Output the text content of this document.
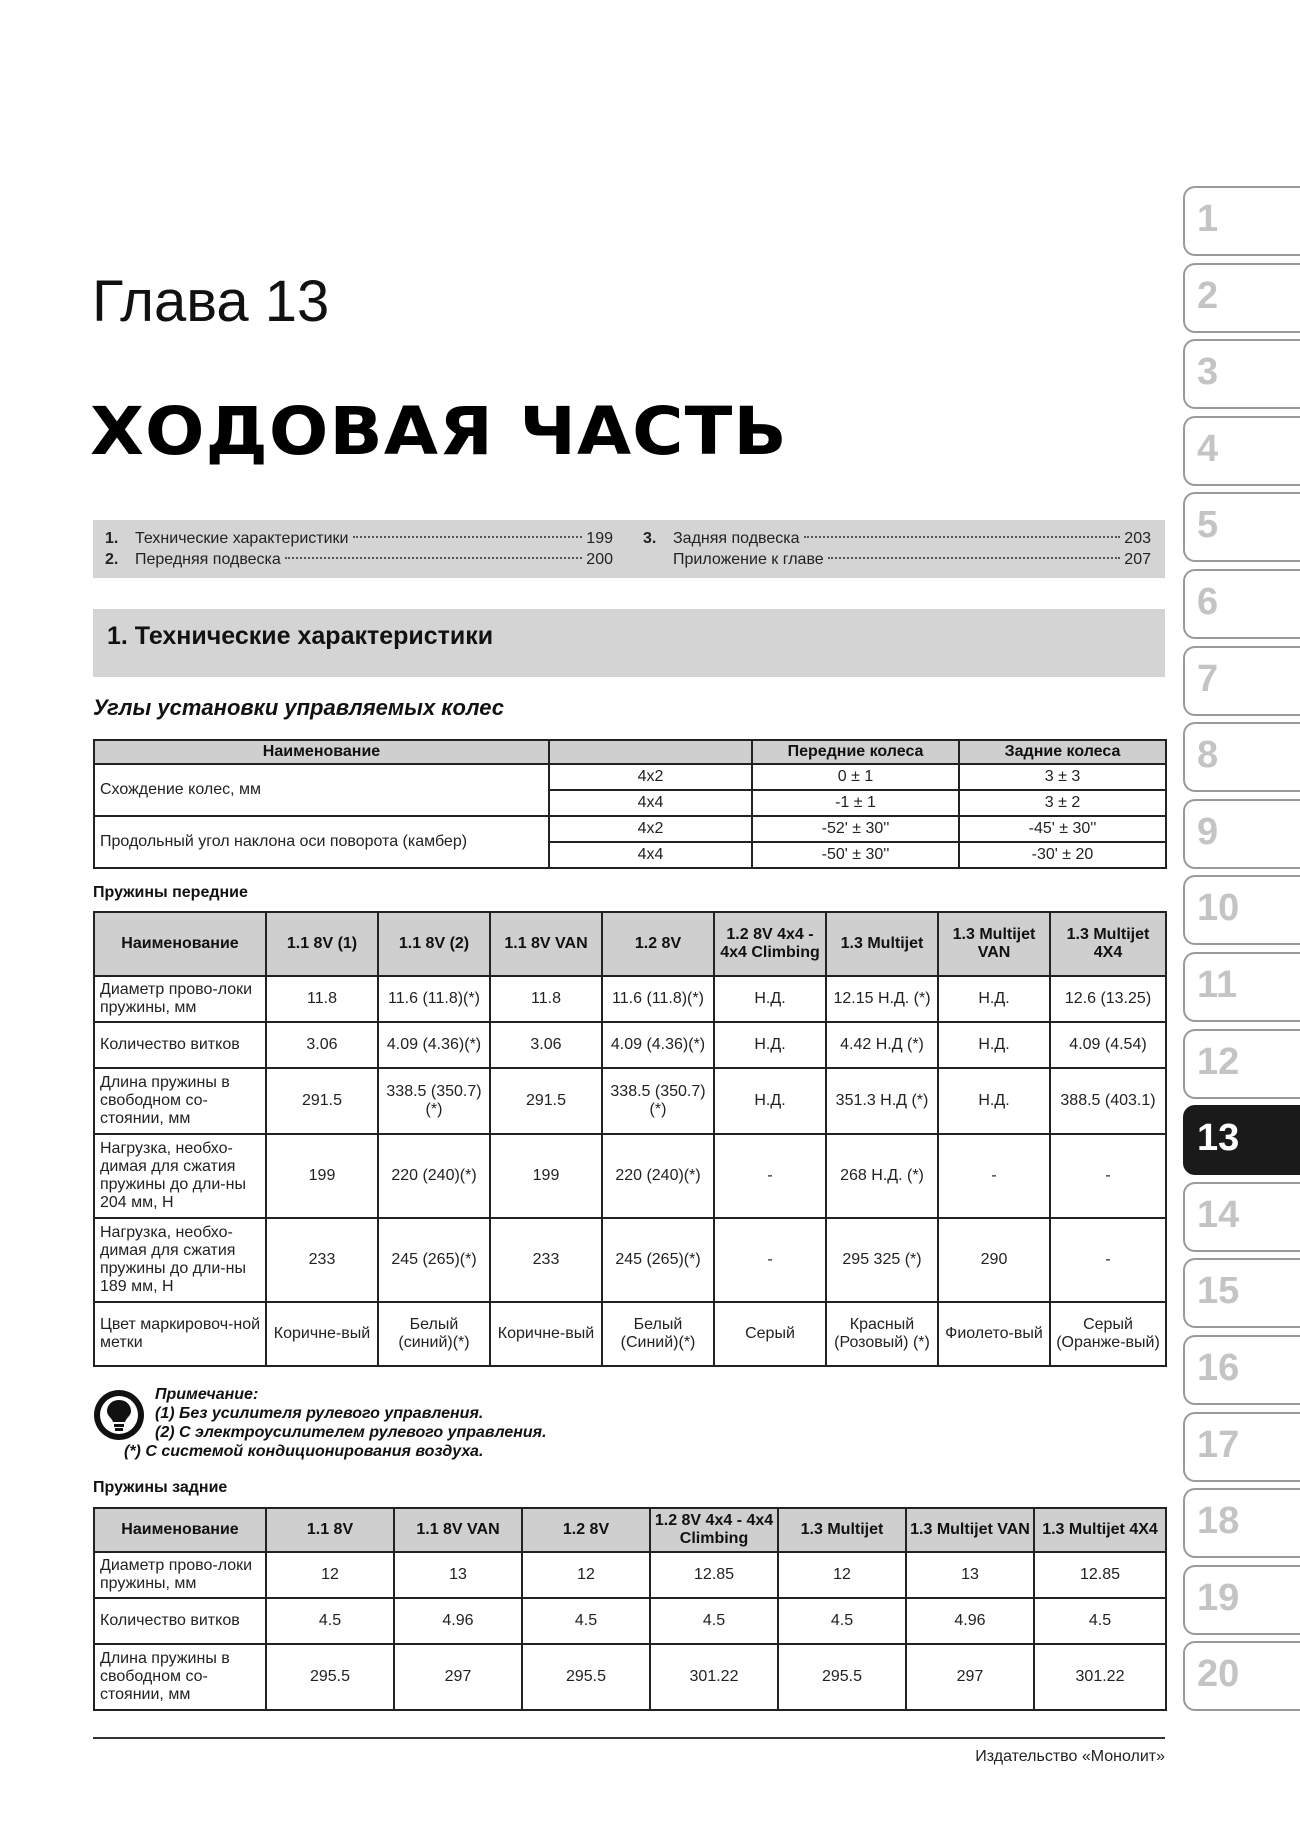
Глава 13
ХОДОВАЯ ЧАСТЬ
1.	Технические характеристики	199
2.	Передняя подвеска	200
3.	Задняя подвеска	203
Приложение к главе	207
1. Технические характеристики
Углы установки управляемых колес
Наименование		Передние колеса	Задние колеса
Схождение колес, мм	4x2	0 ± 1	3 ± 3
	4x4	-1 ± 1	3 ± 2
Продольный угол наклона оси поворота (камбер)	4x2	-52' ± 30''	-45' ± 30''
	4x4	-50' ± 30''	-30' ± 20
Пружины передние
Наименование	1.1 8V (1)	1.1 8V (2)	1.1 8V VAN	1.2 8V	1.2 8V 4x4 - 4x4 Climbing	1.3 Multijet	1.3 Multijet VAN	1.3 Multijet 4X4
Диаметр прово-локи пружины, мм	11.8	11.6 (11.8)(*)	11.8	11.6 (11.8)(*)	Н.Д.	12.15 Н.Д. (*)	Н.Д.	12.6 (13.25)
Количество витков	3.06	4.09 (4.36)(*)	3.06	4.09 (4.36)(*)	Н.Д.	4.42 Н.Д (*)	Н.Д.	4.09 (4.54)
Длина пружины в свободном со-стоянии, мм	291.5	338.5 (350.7)(*)	291.5	338.5 (350.7)(*)	Н.Д.	351.3 Н.Д (*)	Н.Д.	388.5 (403.1)
Нагрузка, необхо-димая для сжатия пружины до дли-ны 204 мм, Н	199	220 (240)(*)	199	220 (240)(*)	-	268 Н.Д. (*)	-	-
Нагрузка, необхо-димая для сжатия пружины до дли-ны 189 мм, Н	233	245 (265)(*)	233	245 (265)(*)	-	295 325 (*)	290	-
Цвет маркировоч-ной метки	Коричне-вый	Белый (синий)(*)	Коричне-вый	Белый (Синий)(*)	Серый	Красный (Розовый) (*)	Фиолето-вый	Серый (Оранже-вый)
Примечание:
(1) Без усилителя рулевого управления.
(2) С электроусилителем рулевого управления.
(*) С системой кондиционирования воздуха.
Пружины задние
Наименование	1.1 8V	1.1 8V VAN	1.2 8V	1.2 8V 4x4 - 4x4 Climbing	1.3 Multijet	1.3 Multijet VAN	1.3 Multijet 4X4
Диаметр прово-локи пружины, мм	12	13	12	12.85	12	13	12.85
Количество витков	4.5	4.96	4.5	4.5	4.5	4.96	4.5
Длина пружины в свободном со-стоянии, мм	295.5	297	295.5	301.22	295.5	297	301.22
Издательство «Монолит»
1
2
3
4
5
6
7
8
9
10
11
12
13
14
15
16
17
18
19
20
